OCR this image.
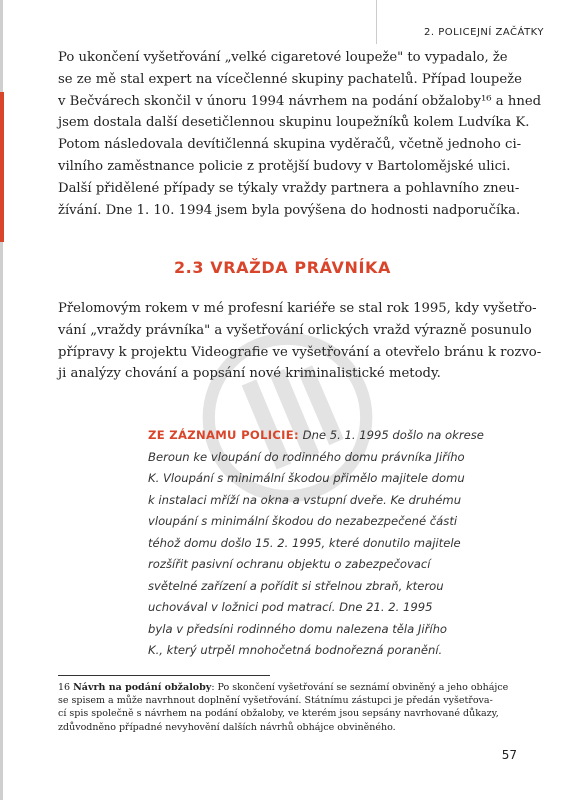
2. POLICEJNÍ ZAČÁTKY
Po ukončení vyšetřování „velké cigaretové loupeže" to vypadalo, že
se ze mě stal expert na vícečlenné skupiny pachatelů. Případ loupeže
v Bečvárech skončil v únoru 1994 návrhem na podání obžaloby¹⁶ a hned
jsem dostala další desetičlennou skupinu loupežníků kolem Ludvíka K.
Potom následovala devítičlenná skupina vyděračů, včetně jednoho ci-
vilního zaměstnance policie z protější budovy v Bartolomějské ulici.
Další přidělené případy se týkaly vraždy partnera a pohlavního zneu-
žívání. Dne 1. 10. 1994 jsem byla povýšena do hodnosti nadporučíka.
2.3 VRAŽDA PRÁVNÍKA
Přelomovým rokem v mé profesní kariéře se stal rok 1995, kdy vyšetřo-
vání „vraždy právníka" a vyšetřování orlických vražd výrazně posunulo
přípravy k projektu Videografie ve vyšetřování a otevřelo bránu k rozvo-
ji analýzy chování a popsání nové kriminalistické metody.
ZE ZÁZNAMU POLICIE: Dne 5. 1. 1995 došlo na okrese
Beroun ke vloupání do rodinného domu právníka Jiřího
K. Vloupání s minimální škodou přimělo majitele domu
k instalaci mříží na okna a vstupní dveře. Ke druhému
vloupání s minimální škodou do nezabezpečené části
téhož domu došlo 15. 2. 1995, které donutilo majitele
rozšířit pasivní ochranu objektu o zabezpečovací
světelné zařízení a pořídit si střelnou zbraň, kterou
uchovával v ložnici pod matrací. Dne 21. 2. 1995
byla v předsíni rodinného domu nalezena těla Jiřího
K., který utrpěl mnohočetná bodnořezná poranění.
16 Návrh na podání obžaloby: Po skončení vyšetřování se seznámí obviněný a jeho obhájce
se spisem a může navrhnout doplnění vyšetřování. Státnímu zástupci je předán vyšetřova-
cí spis společně s návrhem na podání obžaloby, ve kterém jsou sepsány navrhované důkazy,
zdůvodněno případné nevyhovění dalších návrhů obhájce obviněného.
57
